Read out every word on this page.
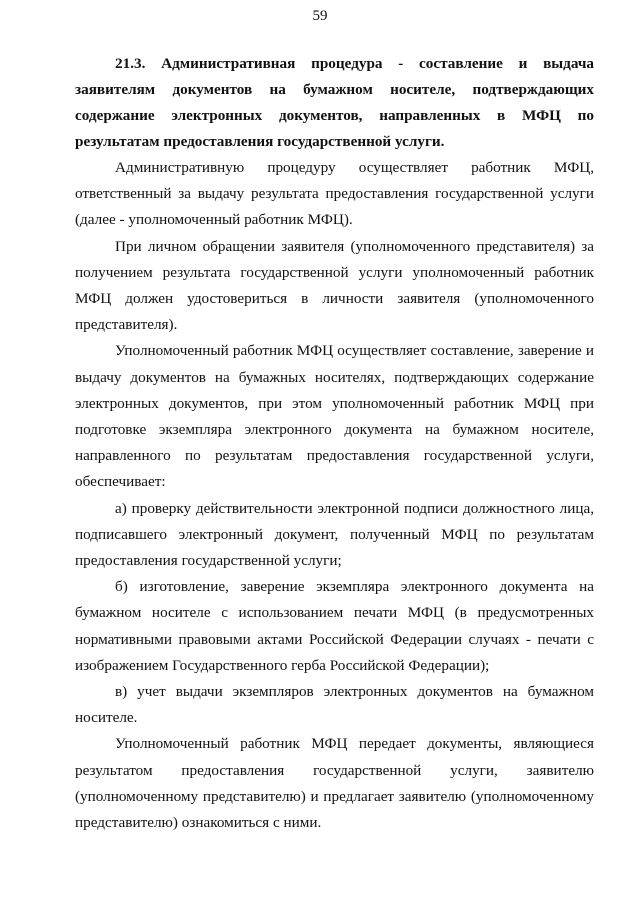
59

21.3. Административная процедура - составление и выдача заявителям документов на бумажном носителе, подтверждающих содержание электронных документов, направленных в МФЦ по результатам предоставления государственной услуги.

Административную процедуру осуществляет работник МФЦ, ответственный за выдачу результата предоставления государственной услуги (далее - уполномоченный работник МФЦ).

При личном обращении заявителя (уполномоченного представителя) за получением результата государственной услуги уполномоченный работник МФЦ должен удостовериться в личности заявителя (уполномоченного представителя).

Уполномоченный работник МФЦ осуществляет составление, заверение и выдачу документов на бумажных носителях, подтверждающих содержание электронных документов, при этом уполномоченный работник МФЦ при подготовке экземпляра электронного документа на бумажном носителе, направленного по результатам предоставления государственной услуги, обеспечивает:

а) проверку действительности электронной подписи должностного лица, подписавшего электронный документ, полученный МФЦ по результатам предоставления государственной услуги;

б) изготовление, заверение экземпляра электронного документа на бумажном носителе с использованием печати МФЦ (в предусмотренных нормативными правовыми актами Российской Федерации случаях - печати с изображением Государственного герба Российской Федерации);

в) учет выдачи экземпляров электронных документов на бумажном носителе.

Уполномоченный работник МФЦ передает документы, являющиеся результатом предоставления государственной услуги, заявителю (уполномоченному представителю) и предлагает заявителю (уполномоченному представителю) ознакомиться с ними.
